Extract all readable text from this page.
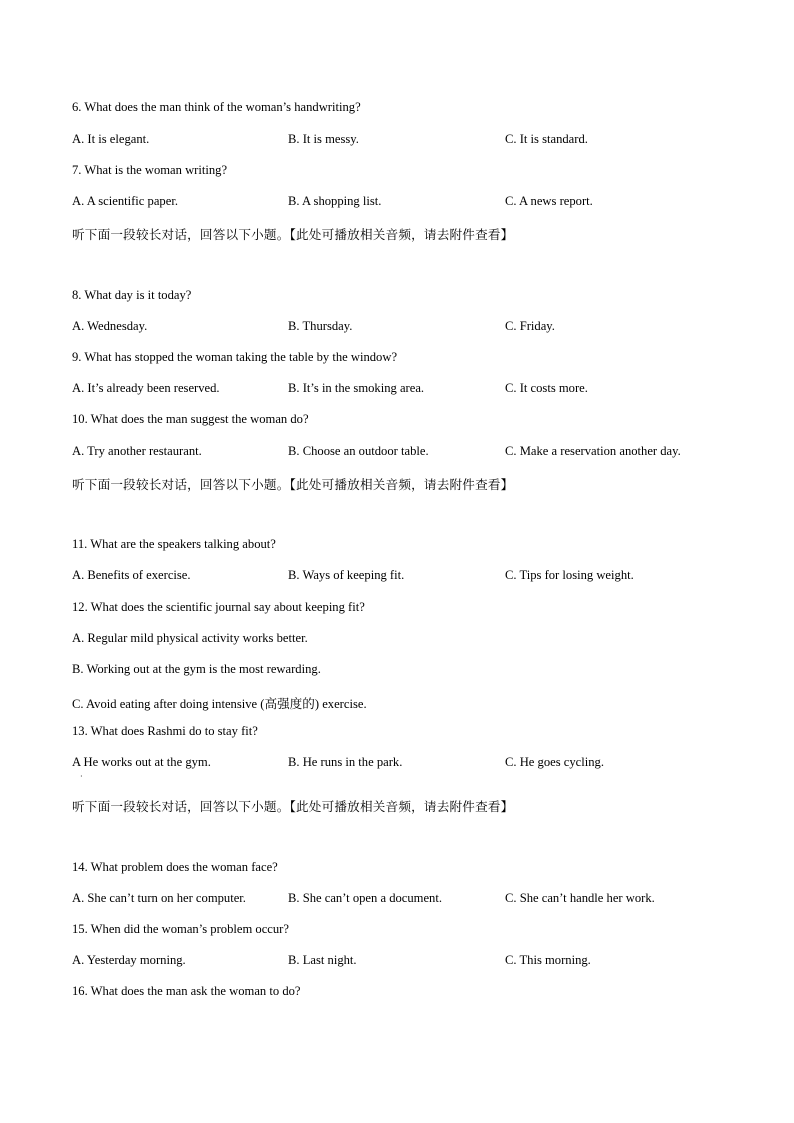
6. What does the man think of the woman’s handwriting?
A. It is elegant.	B. It is messy.	C. It is standard.
7. What is the woman writing?
A. A scientific paper.	B. A shopping list.	C. A news report.
听下面一段较长对话，回答以下小题。【此处可播放相关音频，请去附件查看】
8. What day is it today?
A. Wednesday.	B. Thursday.	C. Friday.
9. What has stopped the woman taking the table by the window?
A. It’s already been reserved.	B. It’s in the smoking area.	C. It costs more.
10. What does the man suggest the woman do?
A. Try another restaurant.	B. Choose an outdoor table.	C. Make a reservation another day.
听下面一段较长对话，回答以下小题。【此处可播放相关音频，请去附件查看】
11. What are the speakers talking about?
A. Benefits of exercise.	B. Ways of keeping fit.	C. Tips for losing weight.
12. What does the scientific journal say about keeping fit?
A. Regular mild physical activity works better.
B. Working out at the gym is the most rewarding.
C. Avoid eating after doing intensive (高强度的) exercise.
13. What does Rashmi do to stay fit?
A He works out at the gym.
·
B. He runs in the park.	C. He goes cycling.
听下面一段较长对话，回答以下小题。【此处可播放相关音频，请去附件查看】
14. What problem does the woman face?
A. She can’t turn on her computer.	B. She can’t open a document.	C. She can’t handle her work.
15. When did the woman’s problem occur?
A. Yesterday morning.	B. Last night.	C. This morning.
16. What does the man ask the woman to do?
